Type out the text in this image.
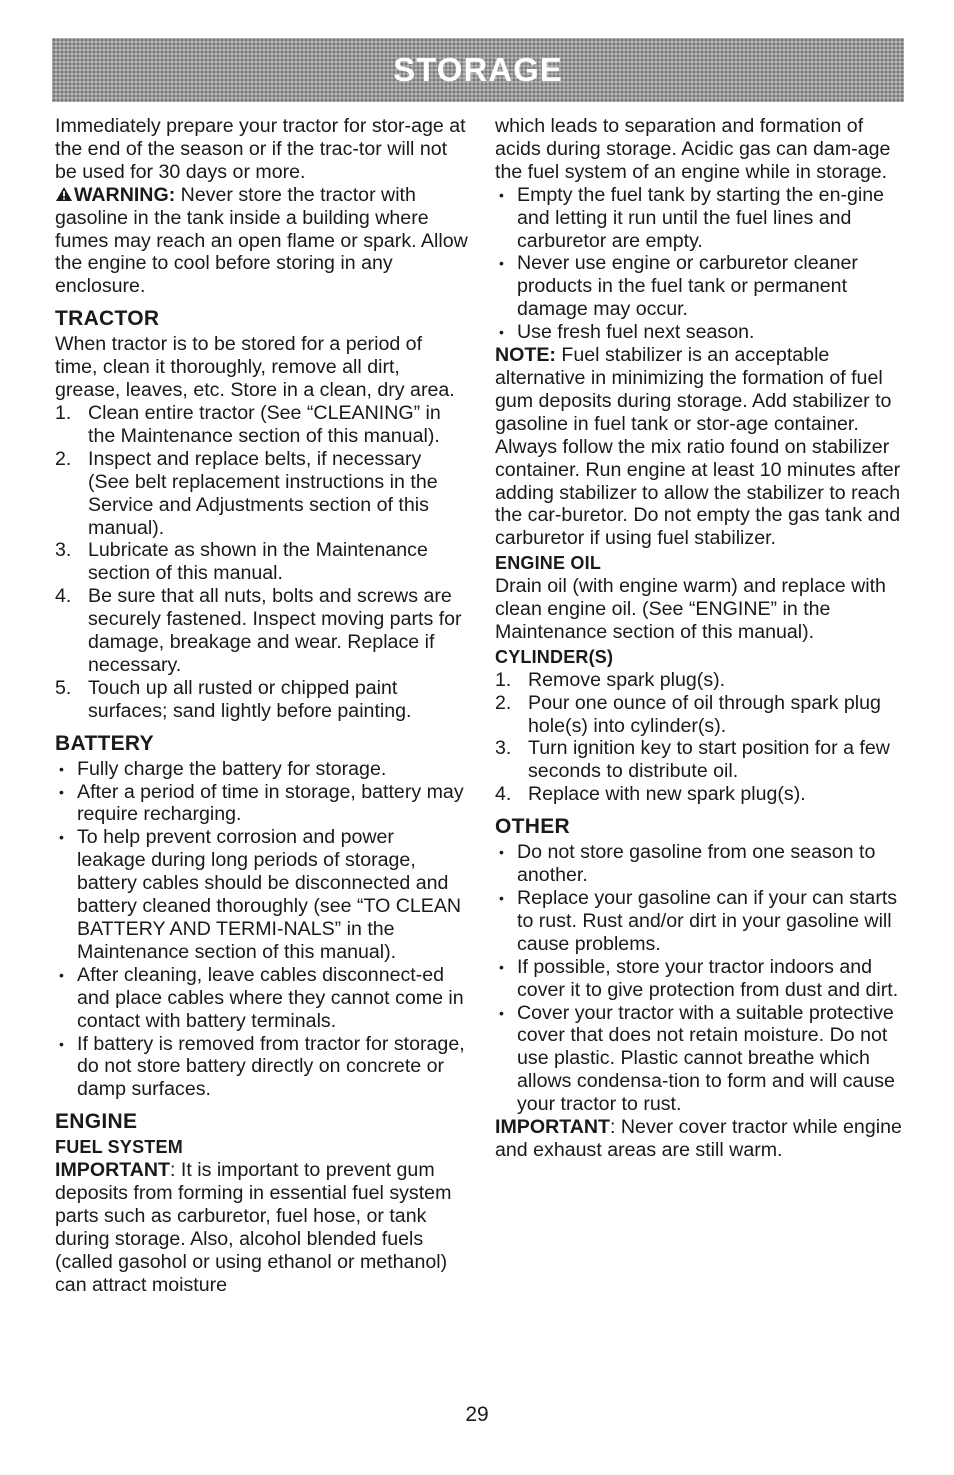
STORAGE

Immediately prepare your tractor for stor-age at the end of the season or if the trac-tor will not be used for 30 days or more.

WARNING: Never store the tractor with gasoline in the tank inside a building where fumes may reach an open flame or spark. Allow the engine to cool before storing in any enclosure.

TRACTOR

When tractor is to be stored for a period of time, clean it thoroughly, remove all dirt, grease, leaves, etc. Store in a clean, dry area.

1. Clean entire tractor (See “CLEANING” in the Maintenance section of this manual).
2. Inspect and replace belts, if necessary (See belt replacement instructions in the Service and Adjustments section of this manual).
3. Lubricate as shown in the Maintenance section of this manual.
4. Be sure that all nuts, bolts and screws are securely fastened. Inspect moving parts for damage, breakage and wear. Replace if necessary.
5. Touch up all rusted or chipped paint surfaces; sand lightly before painting.
BATTERY
• Fully charge the battery for storage.
• After a period of time in storage, battery may require recharging.
• To help prevent corrosion and power leakage during long periods of storage, battery cables should be disconnected and battery cleaned thoroughly (see “TO CLEAN BATTERY AND TERMI-NALS” in the Maintenance section of this manual).
• After cleaning, leave cables disconnect-ed and place cables where they cannot come in contact with battery terminals.
• If battery is removed from tractor for storage, do not store battery directly on concrete or damp surfaces.
ENGINE
FUEL SYSTEM

IMPORTANT: It is important to prevent gum deposits from forming in essential fuel system parts such as carburetor, fuel hose, or tank during storage. Also, alcohol blended fuels (called gasohol or using ethanol or methanol) can attract moisture

which leads to separation and formation of acids during storage. Acidic gas can dam-age the fuel system of an engine while in storage.

• Empty the fuel tank by starting the en-gine and letting it run until the fuel lines and carburetor are empty.
• Never use engine or carburetor cleaner products in the fuel tank or permanent damage may occur.
• Use fresh fuel next season.

NOTE: Fuel stabilizer is an acceptable alternative in minimizing the formation of fuel gum deposits during storage. Add stabilizer to gasoline in fuel tank or stor-age container. Always follow the mix ratio found on stabilizer container. Run engine at least 10 minutes after adding stabilizer to allow the stabilizer to reach the car-buretor. Do not empty the gas tank and carburetor if using fuel stabilizer.

ENGINE OIL

Drain oil (with engine warm) and replace with clean engine oil. (See “ENGINE” in the Maintenance section of this manual).

CYLINDER(S)
1. Remove spark plug(s).
2. Pour one ounce of oil through spark plug hole(s) into cylinder(s).
3. Turn ignition key to start position for a few seconds to distribute oil.
4. Replace with new spark plug(s).
OTHER
• Do not store gasoline from one season to another.
• Replace your gasoline can if your can starts to rust. Rust and/or dirt in your gasoline will cause problems.
• If possible, store your tractor indoors and cover it to give protection from dust and dirt.
• Cover your tractor with a suitable protective cover that does not retain moisture. Do not use plastic. Plastic cannot breathe which allows condensa-tion to form and will cause your tractor to rust.

IMPORTANT: Never cover tractor while engine and exhaust areas are still warm.

29
